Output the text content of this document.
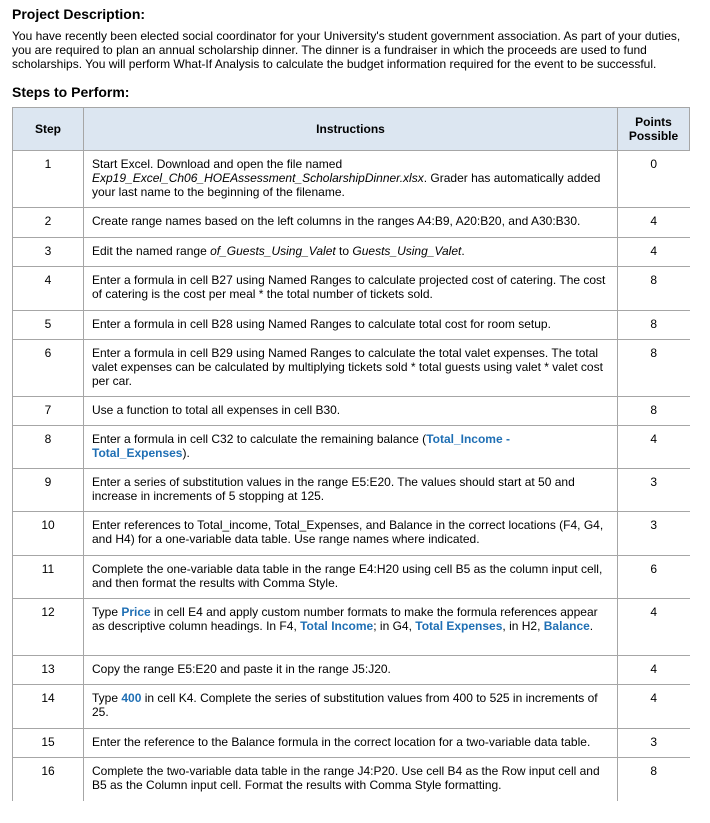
Project Description:

You have recently been elected social coordinator for your University's student government association. As part of your duties, you are required to plan an annual scholarship dinner. The dinner is a fundraiser in which the proceeds are used to fund scholarships. You will perform What-If Analysis to calculate the budget information required for the event to be successful.

Steps to Perform:
Step	Instructions	Points Possible
1	Start Excel. Download and open the file named Exp19_Excel_Ch06_HOEAssessment_ScholarshipDinner.xlsx. Grader has automatically added your last name to the beginning of the filename.	0
2	Create range names based on the left columns in the ranges A4:B9, A20:B20, and A30:B30.	4
3	Edit the named range of_Guests_Using_Valet to Guests_Using_Valet.	4
4	Enter a formula in cell B27 using Named Ranges to calculate projected cost of catering. The cost of catering is the cost per meal * the total number of tickets sold.	8
5	Enter a formula in cell B28 using Named Ranges to calculate total cost for room setup.	8
6	Enter a formula in cell B29 using Named Ranges to calculate the total valet expenses. The total valet expenses can be calculated by multiplying tickets sold * total guests using valet * valet cost per car.	8
7	Use a function to total all expenses in cell B30.	8
8	Enter a formula in cell C32 to calculate the remaining balance (Total_Income - Total_Expenses).	4
9	Enter a series of substitution values in the range E5:E20. The values should start at 50 and increase in increments of 5 stopping at 125.	3
10	Enter references to Total_income, Total_Expenses, and Balance in the correct locations (F4, G4, and H4) for a one-variable data table. Use range names where indicated.	3
11	Complete the one-variable data table in the range E4:H20 using cell B5 as the column input cell, and then format the results with Comma Style.	6
12	Type Price in cell E4 and apply custom number formats to make the formula references appear as descriptive column headings. In F4, Total Income; in G4, Total Expenses, in H2, Balance.	4
13	Copy the range E5:E20 and paste it in the range J5:J20.	4
14	Type 400 in cell K4. Complete the series of substitution values from 400 to 525 in increments of 25.	4
15	Enter the reference to the Balance formula in the correct location for a two-variable data table.	3
16	Complete the two-variable data table in the range J4:P20. Use cell B4 as the Row input cell and B5 as the Column input cell. Format the results with Comma Style formatting.	8
